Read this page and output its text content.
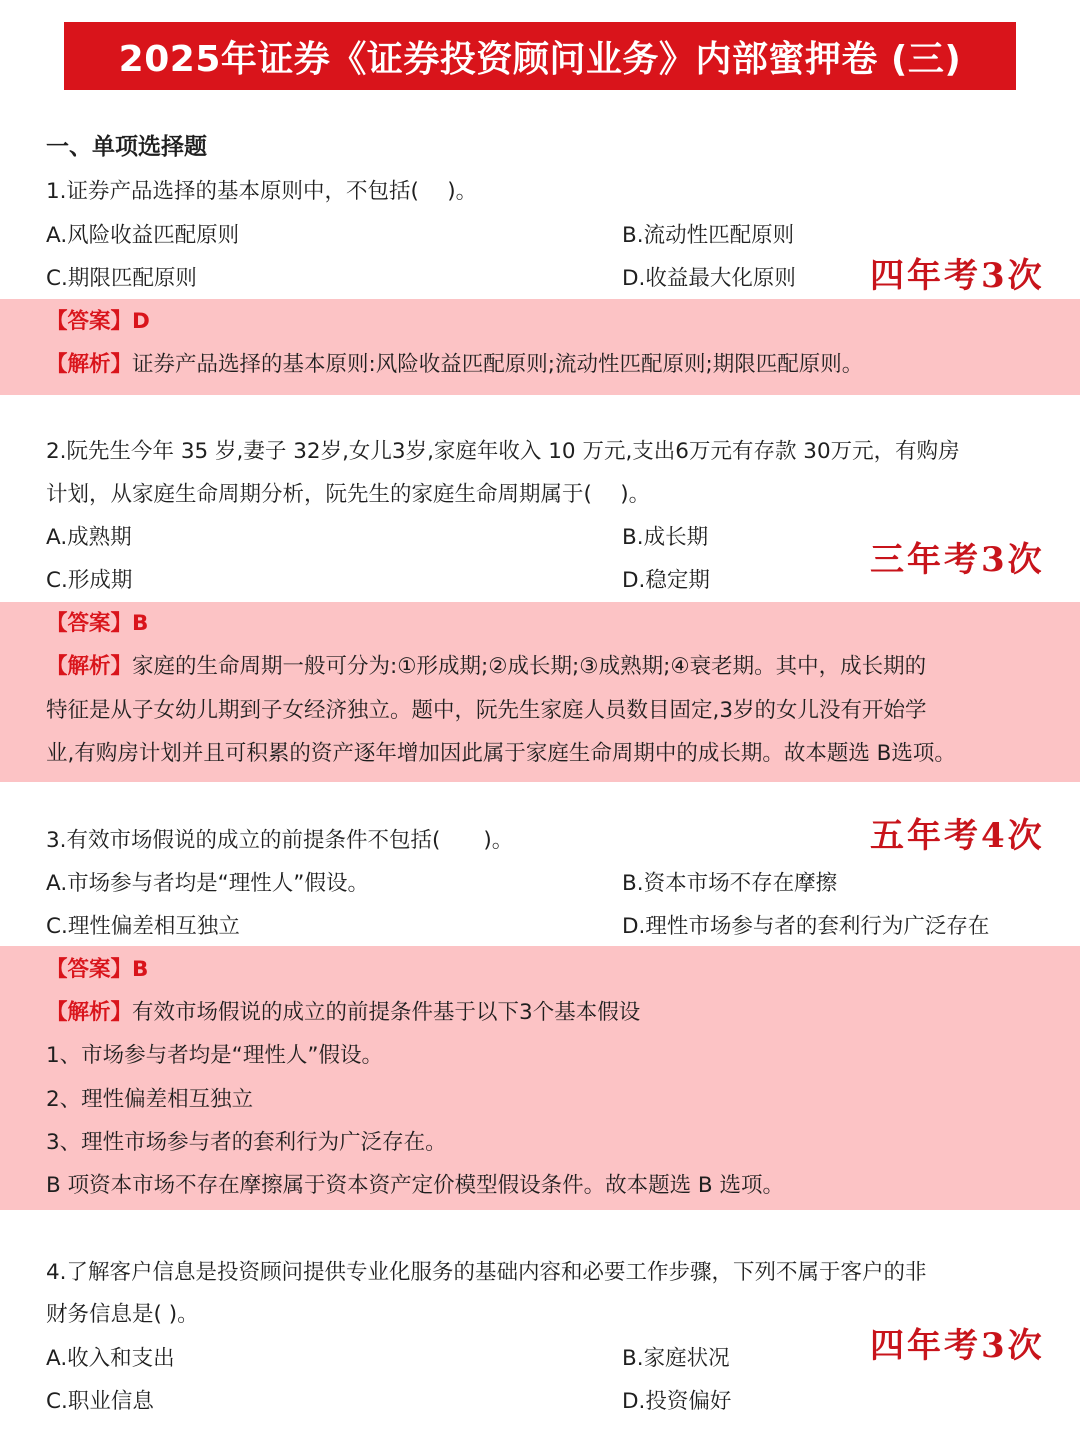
2025年证券《证券投资顾问业务》内部蜜押卷 (三)
一、单项选择题
1.证券产品选择的基本原则中，不包括(　 )。
A.风险收益匹配原则	B.流动性匹配原则
C.期限匹配原则	D.收益最大化原则 四年考3次
【答案】D
【解析】证券产品选择的基本原则:风险收益匹配原则;流动性匹配原则;期限匹配原则。
2.阮先生今年 35 岁,妻子 32岁,女儿3岁,家庭年收入 10 万元,支出6万元有存款 30万元，有购房
计划，从家庭生命周期分析，阮先生的家庭生命周期属于(　 )。
A.成熟期	B.成长期
C.形成期	D.稳定期
三年考3次
【答案】B
【解析】家庭的生命周期一般可分为:①形成期;②成长期;③成熟期;④衰老期。其中，成长期的
特征是从子女幼儿期到子女经济独立。题中，阮先生家庭人员数目固定,3岁的女儿没有开始学
业,有购房计划并且可积累的资产逐年增加因此属于家庭生命周期中的成长期。故本题选 B选项。
五年考4次
3.有效市场假说的成立的前提条件不包括(　　)。
A.市场参与者均是“理性人”假设。	B.资本市场不存在摩擦
C.理性偏差相互独立	D.理性市场参与者的套利行为广泛存在
【答案】B
【解析】有效市场假说的成立的前提条件基于以下3个基本假设
1、市场参与者均是“理性人”假设。
2、理性偏差相互独立
3、理性市场参与者的套利行为广泛存在。
B 项资本市场不存在摩擦属于资本资产定价模型假设条件。故本题选 B 选项。
4.了解客户信息是投资顾问提供专业化服务的基础内容和必要工作步骤，下列不属于客户的非
财务信息是( )。
四年考3次
A.收入和支出	B.家庭状况
C.职业信息	D.投资偏好
